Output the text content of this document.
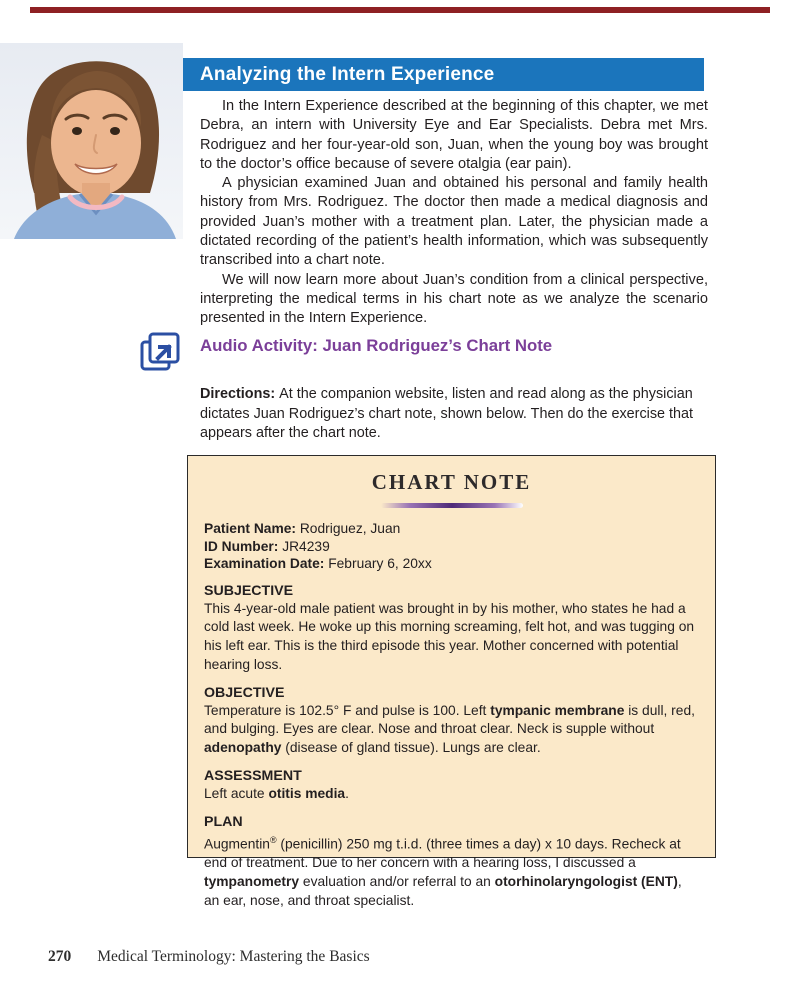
Analyzing the Intern Experience

In the Intern Experience described at the beginning of this chapter, we met Debra, an intern with University Eye and Ear Specialists. Debra met Mrs. Rodriguez and her four-year-old son, Juan, when the young boy was brought to the doctor’s office because of severe otalgia (ear pain).

A physician examined Juan and obtained his personal and family health history from Mrs. Rodriguez. The doctor then made a medical diagnosis and provided Juan’s mother with a treatment plan. Later, the physician made a dictated recording of the patient’s health information, which was subsequently transcribed into a chart note.

We will now learn more about Juan’s condition from a clinical perspective, interpreting the medical terms in his chart note as we analyze the scenario presented in the Intern Experience.

Audio Activity: Juan Rodriguez’s Chart Note

Directions: At the companion website, listen and read along as the physician dictates Juan Rodriguez’s chart note, shown below. Then do the exercise that appears after the chart note.

CHART NOTE

Patient Name: Rodriguez, Juan

ID Number: JR4239

Examination Date: February 6, 20xx

SUBJECTIVE

This 4-year-old male patient was brought in by his mother, who states he had a cold last week. He woke up this morning screaming, felt hot, and was tugging on his left ear. This is the third episode this year. Mother concerned with potential hearing loss.

OBJECTIVE

Temperature is 102.5° F and pulse is 100. Left tympanic membrane is dull, red, and bulging. Eyes are clear. Nose and throat clear. Neck is supple without adenopathy (disease of gland tissue). Lungs are clear.

ASSESSMENT

Left acute otitis media.

PLAN

Augmentin® (penicillin) 250 mg t.i.d. (three times a day) x 10 days. Recheck at end of treatment. Due to her concern with a hearing loss, I discussed a tympanometry evaluation and/or referral to an otorhinolaryngologist (ENT), an ear, nose, and throat specialist.

270 Medical Terminology: Mastering the Basics
